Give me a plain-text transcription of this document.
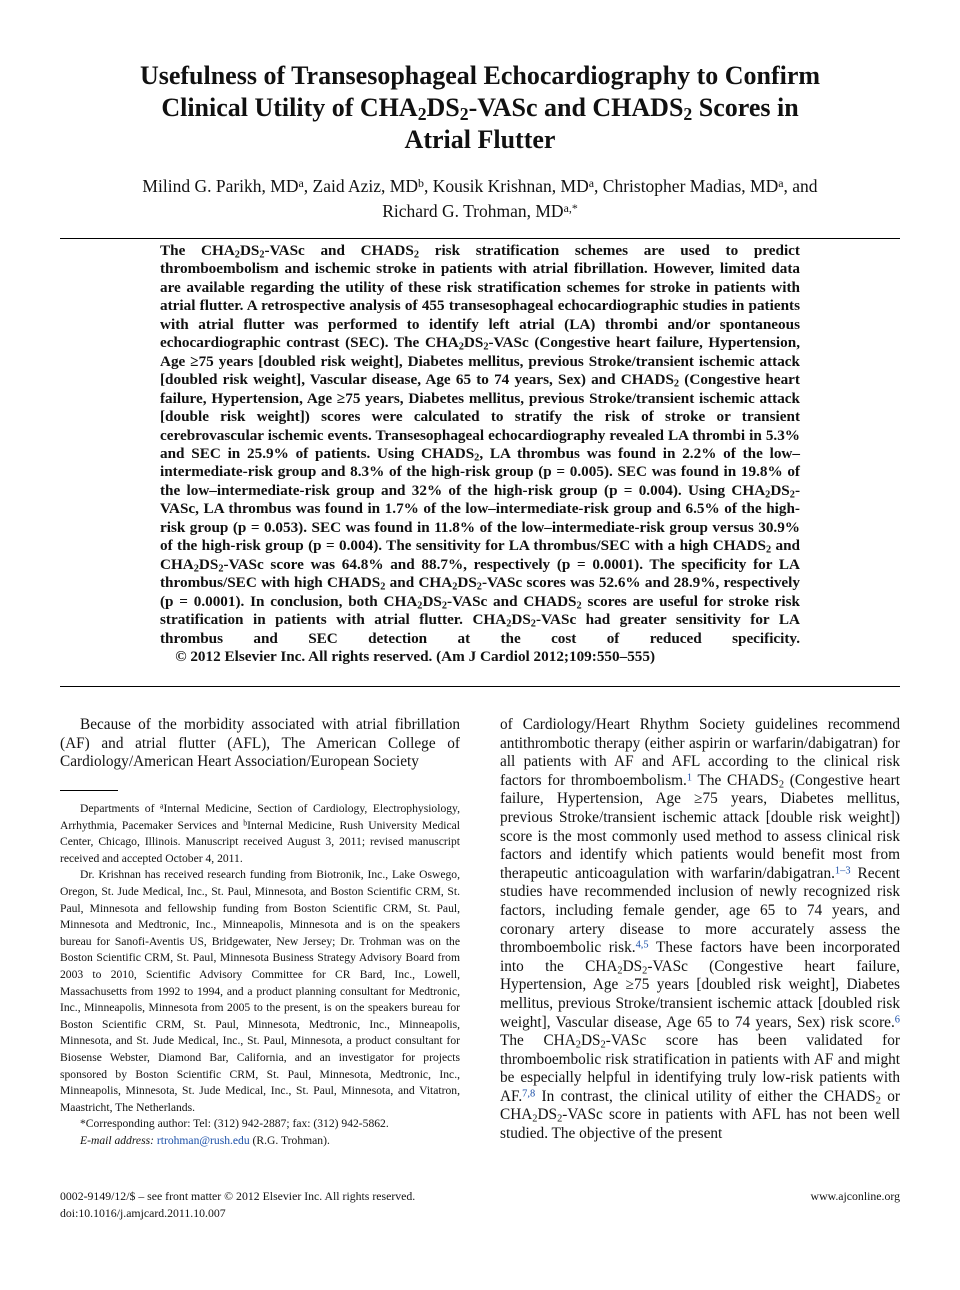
Usefulness of Transesophageal Echocardiography to Confirm
Clinical Utility of $CHA_2DS_2$-VASc and $CHADS_2$ Scores in
Atrial Flutter
Milind G. Parikh, $MD^a$, Zaid Aziz, $MD^b$, Kousik Krishnan, $MD^a$, Christopher Madias, $MD^a$, and
Richard G. Trohman, $MD^{a,*}$
The $CHA_2DS_2$-VASc and $CHADS_2$ risk stratification schemes are used to predict thromboembolism and ischemic stroke in patients with atrial fibrillation. However, limited data are available regarding the utility of these risk stratification schemes for stroke in patients with atrial flutter. A retrospective analysis of 455 transesophageal echocardiographic studies in patients with atrial flutter was performed to identify left atrial (LA) thrombi and/or spontaneous echocardiographic contrast (SEC). The $CHA_2DS_2$-VASc (Congestive heart failure, Hypertension, Age ≥75 years [doubled risk weight], Diabetes mellitus, previous Stroke/transient ischemic attack [doubled risk weight], Vascular disease, Age 65 to 74 years, Sex) and $CHADS_2$ (Congestive heart failure, Hypertension, Age ≥75 years, Diabetes mellitus, previous Stroke/transient ischemic attack [double risk weight]) scores were calculated to stratify the risk of stroke or transient cerebrovascular ischemic events. Transesophageal echocardiography revealed LA thrombi in 5.3% and SEC in 25.9% of patients. Using $CHADS_2$, LA thrombus was found in 2.2% of the low–intermediate-risk group and 8.3% of the high-risk group (p = 0.005). SEC was found in 19.8% of the low–intermediate-risk group and 32% of the high-risk group (p = 0.004). Using $CHA_2DS_2$-VASc, LA thrombus was found in 1.7% of the low–intermediate-risk group and 6.5% of the high-risk group (p = 0.053). SEC was found in 11.8% of the low–intermediate-risk group versus 30.9% of the high-risk group (p = 0.004). The sensitivity for LA thrombus/SEC with a high $CHADS_2$ and $CHA_2DS_2$-VASc score was 64.8% and 88.7%, respectively (p = 0.0001). The specificity for LA thrombus/SEC with high $CHADS_2$ and $CHA_2DS_2$-VASc scores was 52.6% and 28.9%, respectively (p = 0.0001). In conclusion, both $CHA_2DS_2$-VASc and $CHADS_2$ scores are useful for stroke risk stratification in patients with atrial flutter. $CHA_2DS_2$-VASc had greater sensitivity for LA thrombus and SEC detection at the cost of reduced specificity.    © 2012 Elsevier Inc. All rights reserved. (Am J Cardiol 2012;109:550–555)

Because of the morbidity associated with atrial fibrillation (AF) and atrial flutter (AFL), The American College of Cardiology/American Heart Association/European Society

Departments of $^a$Internal Medicine, Section of Cardiology, Electrophysiology, Arrhythmia, Pacemaker Services and $^b$Internal Medicine, Rush University Medical Center, Chicago, Illinois. Manuscript received August 3, 2011; revised manuscript received and accepted October 4, 2011.

Dr. Krishnan has received research funding from Biotronik, Inc., Lake Oswego, Oregon, St. Jude Medical, Inc., St. Paul, Minnesota, and Boston Scientific CRM, St. Paul, Minnesota and fellowship funding from Boston Scientific CRM, St. Paul, Minnesota and Medtronic, Inc., Minneapolis, Minnesota and is on the speakers bureau for Sanofi-Aventis US, Bridgewater, New Jersey; Dr. Trohman was on the Boston Scientific CRM, St. Paul, Minnesota Business Strategy Advisory Board from 2003 to 2010, Scientific Advisory Committee for CR Bard, Inc., Lowell, Massachusetts from 1992 to 1994, and a product planning consultant for Medtronic, Inc., Minneapolis, Minnesota from 2005 to the present, is on the speakers bureau for Boston Scientific CRM, St. Paul, Minnesota, Medtronic, Inc., Minneapolis, Minnesota, and St. Jude Medical, Inc., St. Paul, Minnesota, a product consultant for Biosense Webster, Diamond Bar, California, and an investigator for projects sponsored by Boston Scientific CRM, St. Paul, Minnesota, Medtronic, Inc., Minneapolis, Minnesota, St. Jude Medical, Inc., St. Paul, Minnesota, and Vitatron, Maastricht, The Netherlands.

*Corresponding author: Tel: (312) 942-2887; fax: (312) 942-5862.

E-mail address: rtrohman@rush.edu (R.G. Trohman).

of Cardiology/Heart Rhythm Society guidelines recommend antithrombotic therapy (either aspirin or warfarin/dabigatran) for all patients with AF and AFL according to the clinical risk factors for thromboembolism.$^1$ The $CHADS_2$ (Congestive heart failure, Hypertension, Age ≥75 years, Diabetes mellitus, previous Stroke/transient ischemic attack [double risk weight]) score is the most commonly used method to assess clinical risk factors and identify which patients would benefit most from therapeutic anticoagulation with warfarin/dabigatran.$^{1-3}$ Recent studies have recommended inclusion of newly recognized risk factors, including female gender, age 65 to 74 years, and coronary artery disease to more accurately assess the thromboembolic risk.$^{4,5}$ These factors have been incorporated into the $CHA_2DS_2$-VASc (Congestive heart failure, Hypertension, Age ≥75 years [doubled risk weight], Diabetes mellitus, previous Stroke/transient ischemic attack [doubled risk weight], Vascular disease, Age 65 to 74 years, Sex) risk score.$^6$ The $CHA_2DS_2$-VASc score has been validated for thromboembolic risk stratification in patients with AF and might be especially helpful in identifying truly low-risk patients with AF.$^{7,8}$ In contrast, the clinical utility of either the $CHADS_2$ or $CHA_2DS_2$-VASc score in patients with AFL has not been well studied. The objective of the present

0002-9149/12/$ – see front matter © 2012 Elsevier Inc. All rights reserved.
doi:10.1016/j.amjcard.2011.10.007
www.ajconline.org
